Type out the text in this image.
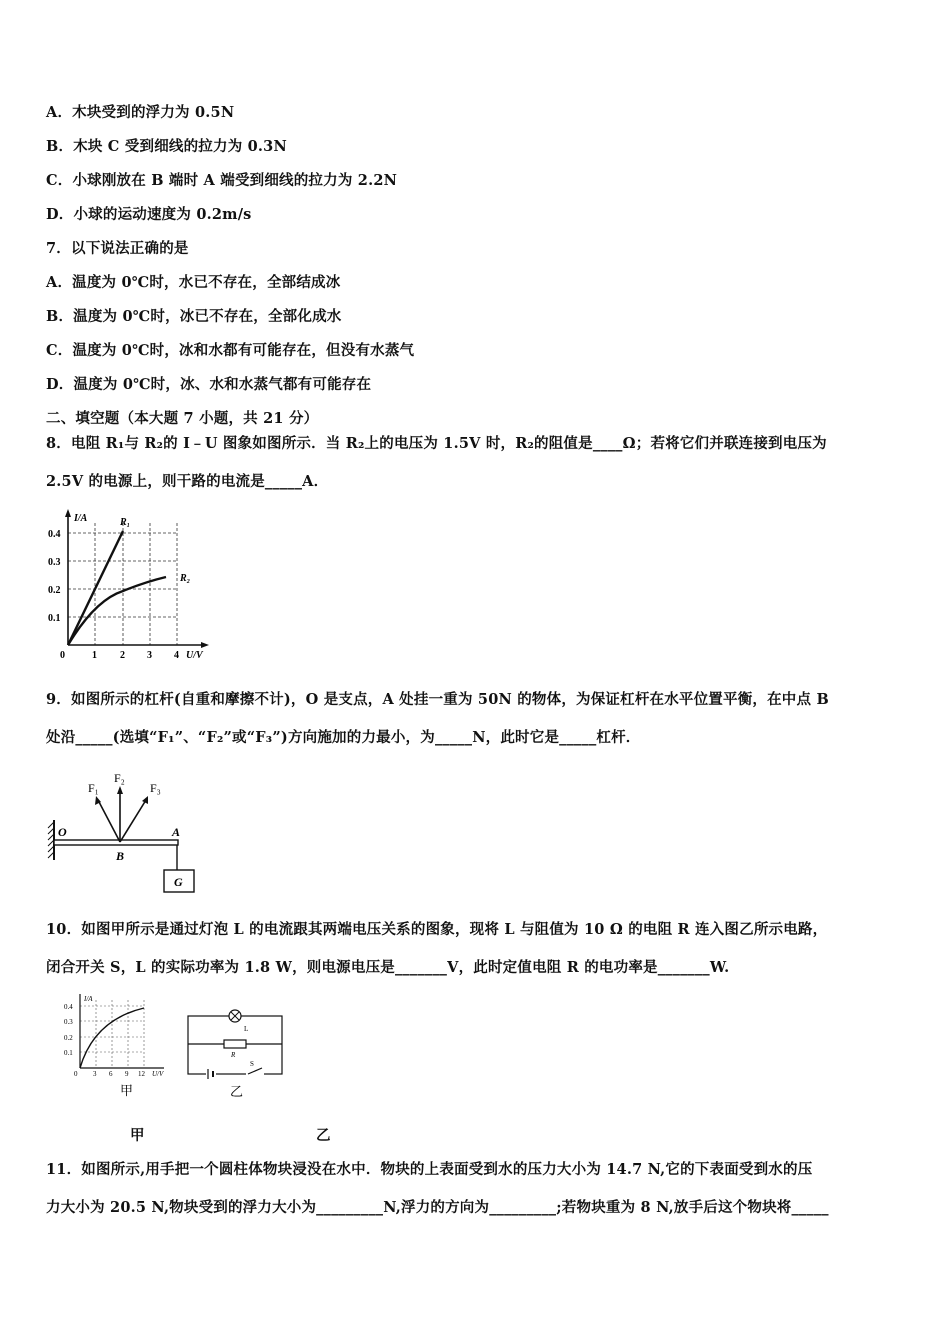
A．木块受到的浮力为 0.5N
B．木块 C 受到细线的拉力为 0.3N
C．小球刚放在 B 端时 A 端受到细线的拉力为 2.2N
D．小球的运动速度为 0.2m/s
7．以下说法正确的是
A．温度为 0℃时，水已不存在，全部结成冰
B．温度为 0℃时，冰已不存在，全部化成水
C．温度为 0℃时，冰和水都有可能存在，但没有水蒸气
D．温度为 0℃时，冰、水和水蒸气都有可能存在
二、填空题（本大题 7 小题，共 21 分）
8．电阻 R₁与 R₂的 I﹣U 图象如图所示．当 R₂上的电压为 1.5V 时，R₂的阻值是____Ω；若将它们并联连接到电压为
2.5V 的电源上，则干路的电流是_____A．
I/A
U/V
R₁
R₂
0.4
0.3
0.2
0.1
0	1 2 3 4
9．如图所示的杠杆(自重和摩擦不计)，O 是支点，A 处挂一重为 50N 的物体，为保证杠杆在水平位置平衡，在中点 B
处沿_____(选填“F₁”、“F₂”或“F₃”)方向施加的力最小，为_____N，此时它是_____杠杆．
F₁
F₂
F₃
O	A
B
G
10．如图甲所示是通过灯泡 L 的电流跟其两端电压关系的图象，现将 L 与阻值为 10 Ω 的电阻 R 连入图乙所示电路，
闭合开关 S，L 的实际功率为 1.8 W，则电源电压是_______V，此时定值电阻 R 的电功率是_______W.
I/A
U/V
0.4
0.3
0.2
0.1
0 3 6 9 12
甲
L
R
S
乙
甲	乙
11．如图所示,用手把一个圆柱体物块浸没在水中．物块的上表面受到水的压力大小为 14.7 N,它的下表面受到水的压
力大小为 20.5 N,物块受到的浮力大小为_________N,浮力的方向为_________;若物块重为 8 N,放手后这个物块将_____
